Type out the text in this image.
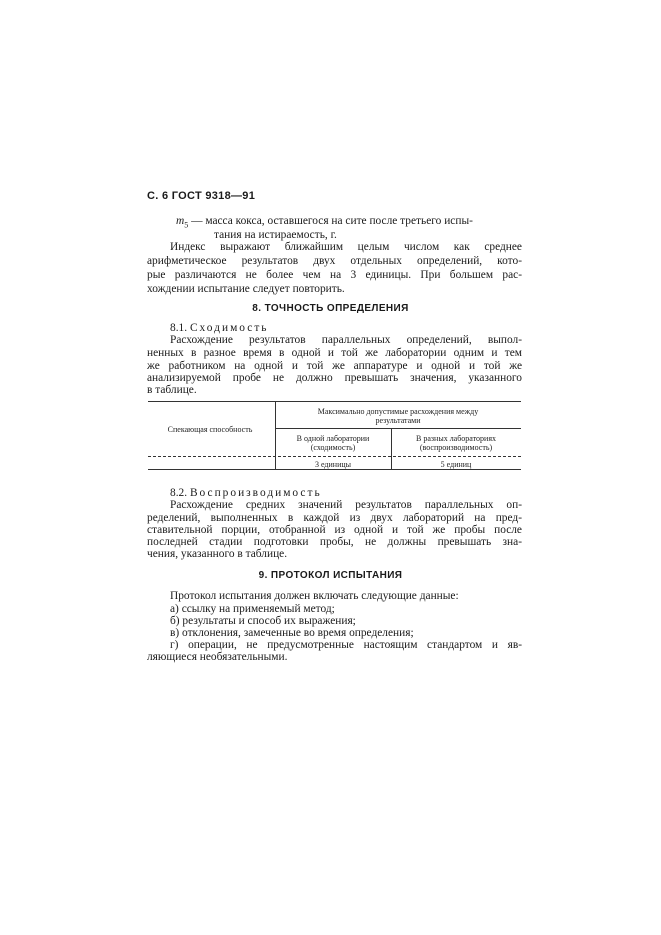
С. 6 ГОСТ 9318—91
$m_5$ — масса кокса, оставшегося на сите после третьего испы-
тания на истираемость, г.
Индекс выражают ближайшим целым числом как среднее
арифметическое результатов двух отдельных определений, кото-
рые различаются не более чем на 3 единицы. При большем рас-
хождении испытание следует повторить.
8. ТОЧНОСТЬ ОПРЕДЕЛЕНИЯ
8.1. Сходимость
Расхождение результатов параллельных определений, выпол-
ненных в разное время в одной и той же лаборатории одним и тем
же работником на одной и той же аппаратуре и одной и той же
анализируемой пробе не должно превышать значения, указанного
в таблице.
Спекающая способность
Максимально допустимые расхождения между результатами
В одной лаборатории (сходимость)
В разных лабораториях (воспроизводимость)
3 единицы	5 единиц
8.2. Воспроизводимость
Расхождение средних значений результатов параллельных оп-
ределений, выполненных в каждой из двух лабораторий на пред-
ставительной порции, отобранной из одной и той же пробы после
последней стадии подготовки пробы, не должны превышать зна-
чения, указанного в таблице.
9. ПРОТОКОЛ ИСПЫТАНИЯ
Протокол испытания должен включать следующие данные:
а) ссылку на применяемый метод;
б) результаты и способ их выражения;
в) отклонения, замеченные во время определения;
г) операции, не предусмотренные настоящим стандартом и яв-
ляющиеся необязательными.
